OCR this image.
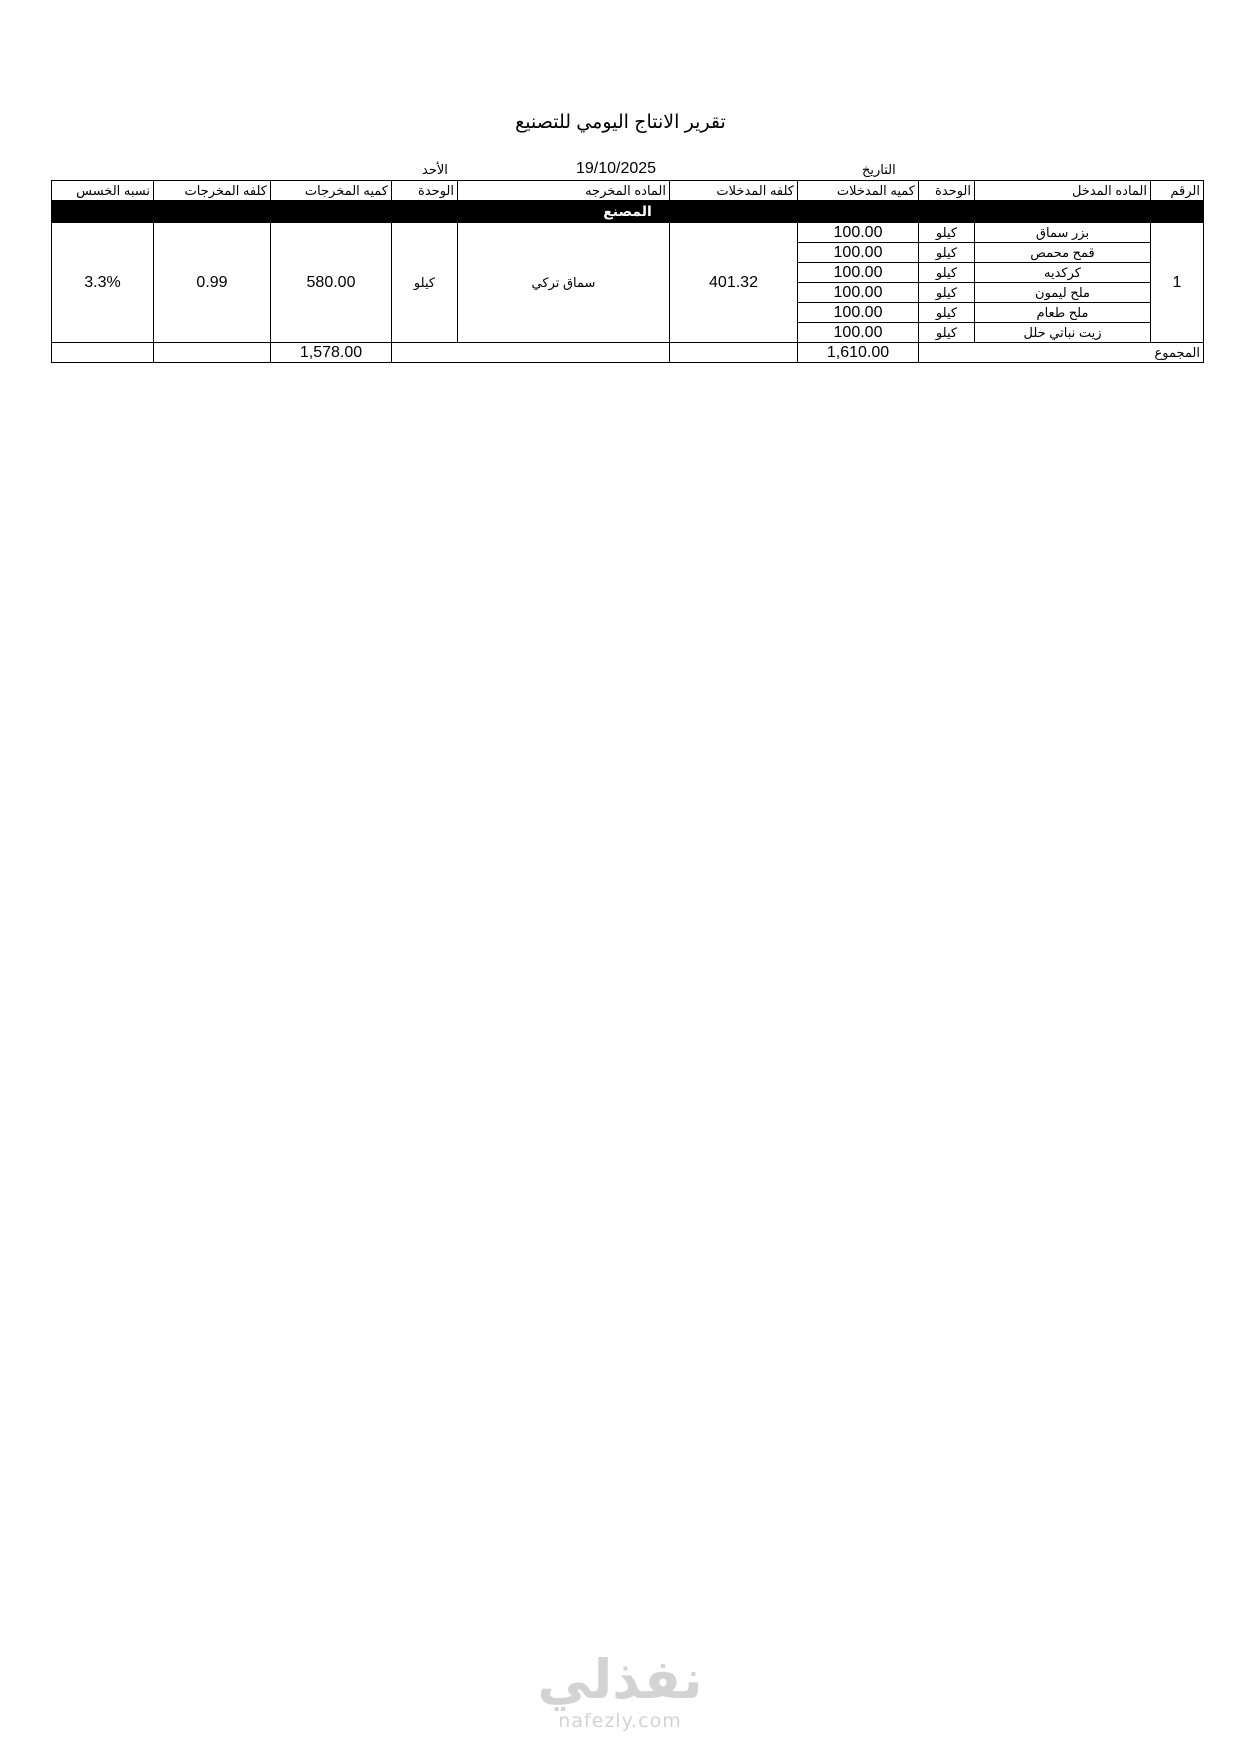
تقرير الانتاج اليومي للتصنيع
التاريخ
19/10/2025
الأحد
الرقم	الماده المدخل	الوحدة	كميه المدخلات	كلفه المدخلات	الماده المخرجه	الوحدة	كميه المخرجات	كلفه المخرجات	نسبه الخسس
المصنع									
1	بزر سماق	كيلو	100.00	401.32	سماق تركي	كيلو	580.00	0.99	3.3%
	قمح محمص	كيلو	100.00						
	كركديه	كيلو	100.00						
	ملح ليمون	كيلو	100.00						
	ملح طعام	كيلو	100.00						
	زيت نباتي حلل	كيلو	100.00						
المجموع			1,610.00				1,578.00		
نفذلي
nafezly.com
